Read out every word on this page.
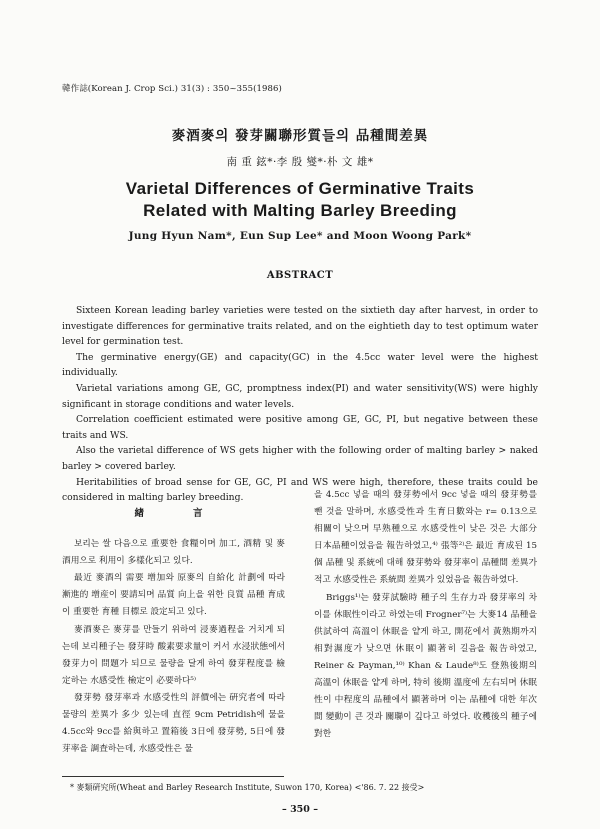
韓作誌(Korean J. Crop Sci.) 31(3) : 350~355(1986)
麥酒麥의 發芽關聯形質들의 品種間差異
南 重 鉉*·李 殷 燮*·朴 文 雄*
Varietal Differences of Germinative Traits
Related with Malting Barley Breeding
Jung Hyun Nam*, Eun Sup Lee* and Moon Woong Park*
ABSTRACT

Sixteen Korean leading barley varieties were tested on the sixtieth day after harvest, in order to investigate differences for germinative traits related, and on the eightieth day to test optimum water level for germination test.

The germinative energy(GE) and capacity(GC) in the 4.5cc water level were the highest individually.

Varietal variations among GE, GC, promptness index(PI) and water sensitivity(WS) were highly significant in storage conditions and water levels.

Correlation coefficient estimated were positive among GE, GC, PI, but negative between these traits and WS.

Also the varietal difference of WS gets higher with the following order of malting barley > naked barley > covered barley.

Heritabilities of broad sense for GE, GC, PI and WS were high, therefore, these traits could be considered in malting barley breeding.

緖　　言

보리는 쌀 다음으로 重要한 食糧이며 加工, 酒精 및 麥酒用으로 利用이 多樣化되고 있다.

最近 麥酒의 需要 增加와 原麥의 自給化 計劃에 따라 漸進的 增産이 要請되며 品質 向上을 위한 良質 品種 育成이 重要한 育種 目標로 設定되고 있다.

麥酒麥은 麥芽를 만들기 위하여 浸麥過程을 거치게 되는데 보리種子는 發芽時 酸素要求量이 커서 水浸狀態에서 發芽力이 問題가 되므로 물량을 달게 하여 發芽程度를 檢定하는 水感受性 檢定이 必要하다⁵⁾

發芽勢 發芽率과 水感受性의 評價에는 硏究者에 따라 물량의 差異가 多少 있는데 直徑 9cm Petridish에 물을 4.5cc와 9cc를 給與하고 置箱後 3日에 發芽勢, 5日에 發芽率을 調査하는데, 水感受性은 물

을 4.5cc 넣을 때의 發芽勢에서 9cc 넣을 때의 發芽勢를 뺀 것을 말하며, 水感受性과 生育日數와는 r= 0.13으로 相關이 낮으며 早熟種으로 水感受性이 낮은 것은 大部分 日本品種이었음을 報告하였고,⁴⁾ 張等²⁾은 最近 育成된 15個 品種 및 系統에 대해 發芽勢와 發芽率이 品種間 差異가 적고 水感受性은 系統間 差異가 있었음을 報告하였다.

Briggs¹⁾는 發芽試驗時 種子의 生存力과 發芽率의 차이를 休眠性이라고 하였는데 Frogner⁷⁾는 大麥14 品種을 供試하여 高溫이 休眠을 얕게 하고, 開花에서 黃熟期까지 相對濕度가 낮으면 休眠이 顯著히 길음을 報告하였고, Reiner & Payman,¹⁰⁾ Khan & Laude⁸⁾도 登熟後期의 高溫이 休眠을 얕게 하며, 特히 後期 溫度에 左右되며 休眠性이 中程度의 品種에서 顯著하며 이는 品種에 대한 年次間 變動이 큰 것과 關聯이 깊다고 하였다. 收穫後의 種子에 對한

* 麥類硏究所(Wheat and Barley Research Institute, Suwon 170, Korea) <'86. 7. 22 接受>
– 350 –
